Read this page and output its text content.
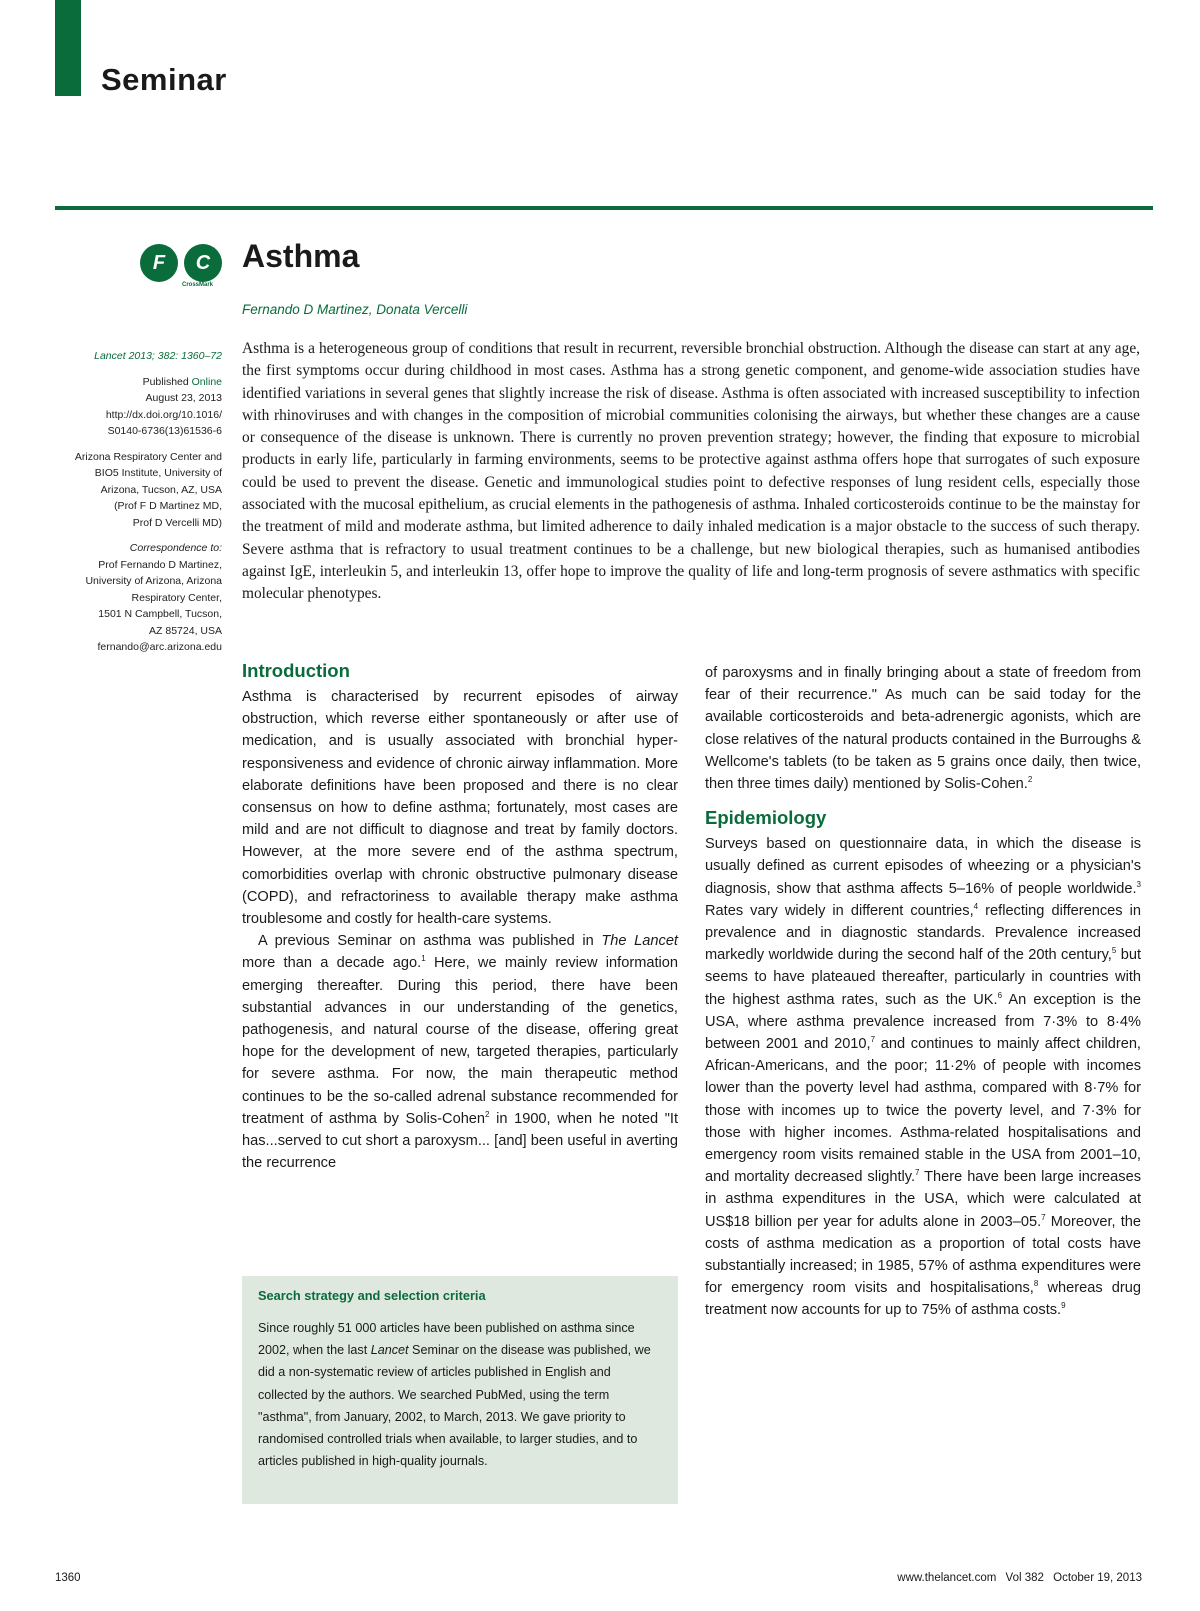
Seminar
F	C
CrossMark
Asthma
Fernando D Martinez, Donata Vercelli

Lancet 2013; 382: 1360–72

Published Online
August 23, 2013
http://dx.doi.org/10.1016/
S0140-6736(13)61536-6

Arizona Respiratory Center and
BIO5 Institute, University of
Arizona, Tucson, AZ, USA
(Prof F D Martinez MD,
Prof D Vercelli MD)

Correspondence to:
Prof Fernando D Martinez,
University of Arizona, Arizona
Respiratory Center,
1501 N Campbell, Tucson,
AZ 85724, USA
fernando@arc.arizona.edu

Asthma is a heterogeneous group of conditions that result in recurrent, reversible bronchial obstruction. Although the disease can start at any age, the first symptoms occur during childhood in most cases. Asthma has a strong genetic component, and genome-wide association studies have identified variations in several genes that slightly increase the risk of disease. Asthma is often associated with increased susceptibility to infection with rhinoviruses and with changes in the composition of microbial communities colonising the airways, but whether these changes are a cause or consequence of the disease is unknown. There is currently no proven prevention strategy; however, the finding that exposure to microbial products in early life, particularly in farming environments, seems to be protective against asthma offers hope that surrogates of such exposure could be used to prevent the disease. Genetic and immunological studies point to defective responses of lung resident cells, especially those associated with the mucosal epithelium, as crucial elements in the pathogenesis of asthma. Inhaled corticosteroids continue to be the mainstay for the treatment of mild and moderate asthma, but limited adherence to daily inhaled medication is a major obstacle to the success of such therapy. Severe asthma that is refractory to usual treatment continues to be a challenge, but new biological therapies, such as humanised antibodies against IgE, interleukin 5, and interleukin 13, offer hope to improve the quality of life and long-term prognosis of severe asthmatics with specific molecular phenotypes.

Introduction

Asthma is characterised by recurrent episodes of airway obstruction, which reverse either spontaneously or after use of medication, and is usually associated with bronchial hyper-responsiveness and evidence of chronic airway inflammation. More elaborate definitions have been proposed and there is no clear consensus on how to define asthma; fortunately, most cases are mild and are not difficult to diagnose and treat by family doctors. However, at the more severe end of the asthma spectrum, comorbidities overlap with chronic obstructive pulmonary disease (COPD), and refractoriness to available therapy make asthma troublesome and costly for health-care systems.

A previous Seminar on asthma was published in The Lancet more than a decade ago.$^1$ Here, we mainly review information emerging thereafter. During this period, there have been substantial advances in our understanding of the genetics, pathogenesis, and natural course of the disease, offering great hope for the development of new, targeted therapies, particularly for severe asthma. For now, the main therapeutic method continues to be the so-called adrenal substance recommended for treatment of asthma by Solis-Cohen$^2$ in 1900, when he noted "It has...served to cut short a paroxysm... [and] been useful in averting the recurrence

of paroxysms and in finally bringing about a state of freedom from fear of their recurrence." As much can be said today for the available corticosteroids and beta-adrenergic agonists, which are close relatives of the natural products contained in the Burroughs & Wellcome's tablets (to be taken as 5 grains once daily, then twice, then three times daily) mentioned by Solis-Cohen.$^2$

Epidemiology

Surveys based on questionnaire data, in which the disease is usually defined as current episodes of wheezing or a physician's diagnosis, show that asthma affects 5–16% of people worldwide.$^3$ Rates vary widely in different countries,$^4$ reflecting differences in prevalence and in diagnostic standards. Prevalence increased markedly worldwide during the second half of the 20th century,$^5$ but seems to have plateaued thereafter, particularly in countries with the highest asthma rates, such as the UK.$^6$ An exception is the USA, where asthma prevalence increased from 7·3% to 8·4% between 2001 and 2010,$^7$ and continues to mainly affect children, African-Americans, and the poor; 11·2% of people with incomes lower than the poverty level had asthma, compared with 8·7% for those with incomes up to twice the poverty level, and 7·3% for those with higher incomes. Asthma-related hospitalisations and emergency room visits remained stable in the USA from 2001–10, and mortality decreased slightly.$^7$ There have been large increases in asthma expenditures in the USA, which were calculated at US$18 billion per year for adults alone in 2003–05.$^7$ Moreover, the costs of asthma medication as a proportion of total costs have substantially increased; in 1985, 57% of asthma expenditures were for emergency room visits and hospitalisations,$^8$ whereas drug treatment now accounts for up to 75% of asthma costs.$^9$

Search strategy and selection criteria

Since roughly 51 000 articles have been published on asthma since 2002, when the last Lancet Seminar on the disease was published, we did a non-systematic review of articles published in English and collected by the authors. We searched PubMed, using the term "asthma", from January, 2002, to March, 2013. We gave priority to randomised controlled trials when available, to larger studies, and to articles published in high-quality journals.

1360	www.thelancet.com Vol 382 October 19, 2013
